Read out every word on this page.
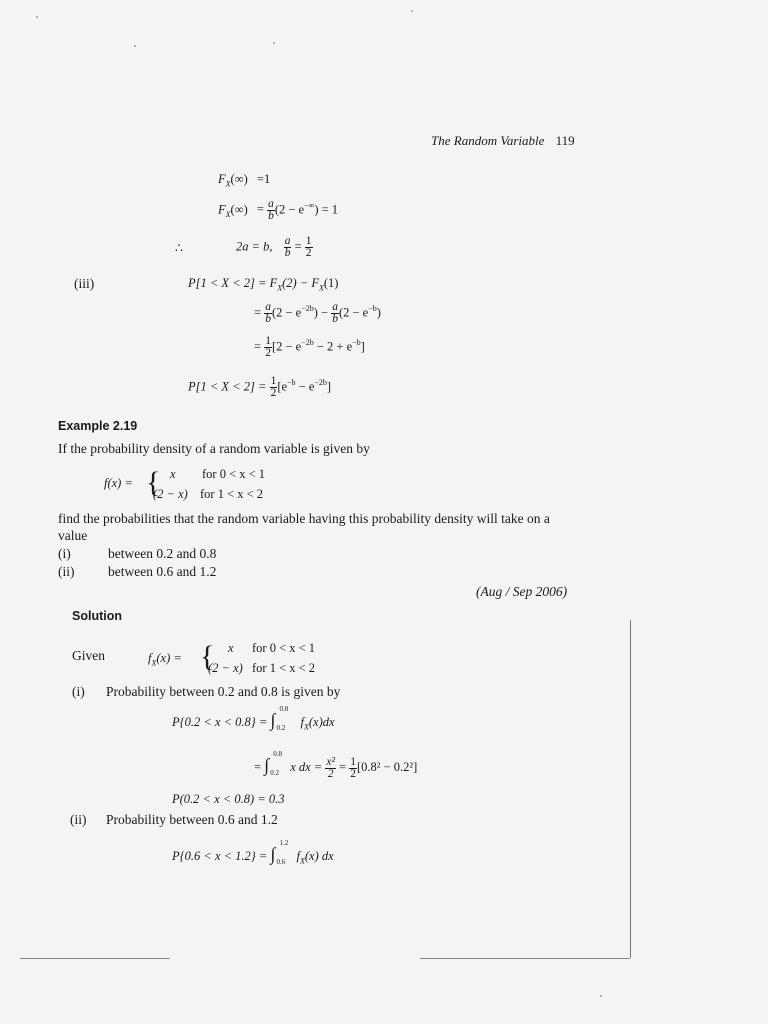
The Random Variable 119
$F_X(\infty) =1$
$F_X(\infty) = \frac{a}{b} (2 - e^{-\infty}) = 1$
∴	2a = b, $\frac{a}{b} = \frac{1}{2}$
(iii)	$P[1 < X < 2] = F_X(2) - F_X(1)$
= $\frac{a}{b} (2 - e^{-2b}) - \frac{a}{b} (2 - e^{-b})$
= $\frac{1}{2} [2 - e^{-2b} - 2 + e^{-b}]$
$P[1 < X < 2] = \frac{1}{2} [e^{-b} - e^{-2b}]$
Example 2.19
If the probability density of a random variable is given by
f(x) = { x for 0 < x < 1
(2 − x) for 1 < x < 2
find the probabilities that the random variable having this probability density will take on a
value
(i)	between 0.2 and 0.8
(ii) between 0.6 and 1.2
(Aug / Sep 2006)
Solution
Given	$f_X(x)$ = { x for 0 < x < 1
(2 − x) for 1 < x < 2
(i) Probability between 0.2 and 0.8 is given by
P{0.2 < x < 0.8} = ∫
0.8
0.2 $f_X(x)dx$
= ∫
0.8
0.2 x dx = $\frac{\text{x²}}{2} = \frac{1}{2} [0.8^2 - 0.2^2]$
P(0.2 < x < 0.8) = 0.3
(ii) Probability between 0.6 and 1.2
P{0.6 < x < 1.2} = ∫
1.2
0.6 $f_X(x)$ dx
